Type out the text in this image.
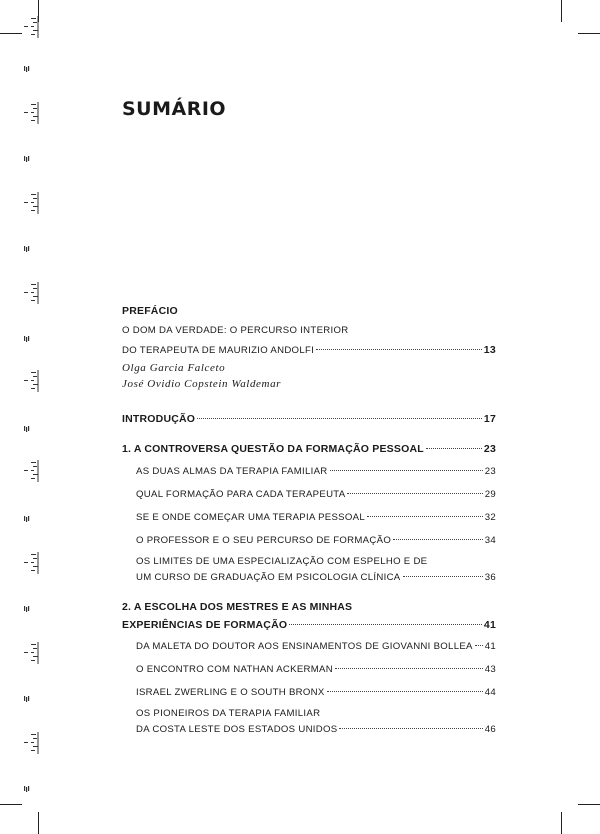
SUMÁRIO
PREFÁCIO
O DOM DA VERDADE: O PERCURSO INTERIOR
DO TERAPEUTA DE MAURIZIO ANDOLFI	13
Olga Garcia Falceto
José Ovidio Copstein Waldemar
INTRODUÇÃO	17
1. A CONTROVERSA QUESTÃO DA FORMAÇÃO PESSOAL	23
AS DUAS ALMAS DA TERAPIA FAMILIAR	23
QUAL FORMAÇÃO PARA CADA TERAPEUTA	29
SE E ONDE COMEÇAR UMA TERAPIA PESSOAL	32
O PROFESSOR E O SEU PERCURSO DE FORMAÇÃO	34
OS LIMITES DE UMA ESPECIALIZAÇÃO COM ESPELHO E DE
UM CURSO DE GRADUAÇÃO EM PSICOLOGIA CLÍNICA	36
2. A ESCOLHA DOS MESTRES E AS MINHAS
EXPERIÊNCIAS DE FORMAÇÃO	41
DA MALETA DO DOUTOR AOS ENSINAMENTOS DE GIOVANNI BOLLEA 41
O ENCONTRO COM NATHAN ACKERMAN	43
ISRAEL ZWERLING E O SOUTH BRONX	44
OS PIONEIROS DA TERAPIA FAMILIAR
DA COSTA LESTE DOS ESTADOS UNIDOS	46
